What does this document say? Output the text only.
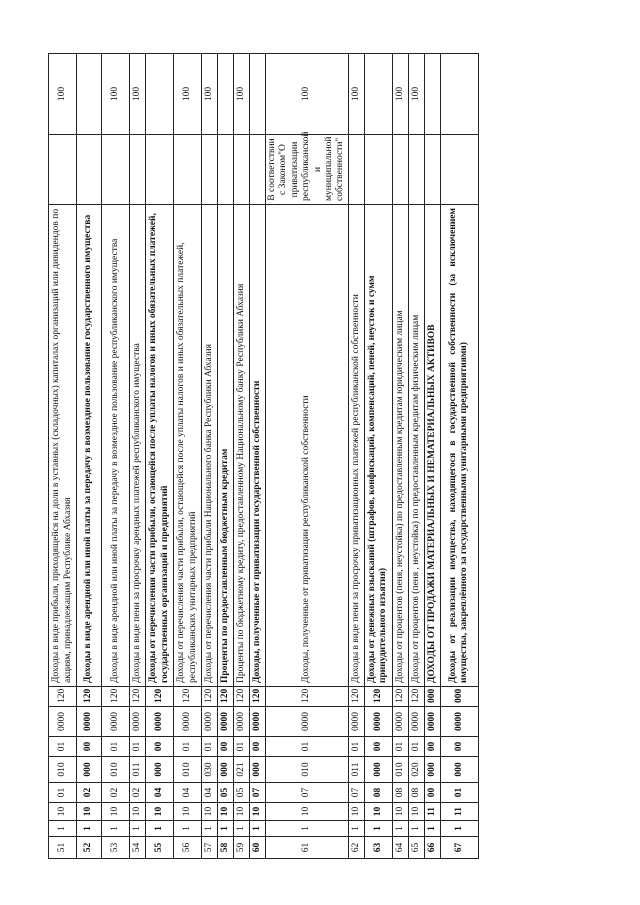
51	1	10	01	010	01	0000	120	Доходы в виде прибыли, приходящейся на доли в уставных (складочных) капиталах организаций или дивидендов по акциям, принадлежащим Республике Абхазия		100
52	1	10	02	000	00	0000	120	Доходы в виде арендной или иной платы за передачу в возмездное пользование государственного имущества		
53	1	10	02	010	01	0000	120	Доходы в виде арендной или иной платы за передачу в возмездное пользование республиканского имущества		100
54	1	10	02	011	01	0000	120	Доходы в виде пени за просрочку арендных платежей республиканского имущества		100
55	1	10	04	000	00	0000	120	Доходы от перечисления части прибыли, остающейся после уплаты налогов и иных обязательных платежей, государственных организаций и предприятий		
56	1	10	04	010	01	0000	120	Доходы от перечисления части прибыли, остающейся после уплаты налогов и иных обязательных платежей, республиканских унитарных предприятий		100
57	1	10	04	030	01	0000	120	Доходы от перечисления части прибыли Национального банка Республики Абхазия		100
58	1	10	05	000	00	0000	120	Проценты по предоставленным бюджетным кредитам		
59	1	10	05	021	01	0000	120	Проценты по бюджетному кредиту, предоставленному Национальному банку Республики Абхазия		100
60	1	10	07	000	00	0000	120	Доходы, полученные от приватизации государственной собственности		
61	1	10	07	010	01	0000	120	Доходы, полученные от приватизации республиканской собственности	В соответствии с Законом"О приватизации республиканской и муниципальной собственности"	100
62	1	10	07	011	01	0000	120	Доходы в виде пени за просрочку приватизационных платежей республиканской собственности		100
63	1	10	08	000	00	0000	120	Доходы от денежных взысканий (штрафов, конфискаций, компенсаций, пеней, неусток и сумм принудительного изъятия)		
64	1	10	08	010	01	0000	120	Доходы от процентов (пеня, неустойка) по предоставленным кредитам юридическим лицам		100
65	1	10	08	020	01	0000	120	Доходы от процентов (пеня , неустойка) по предоставленным кредитам физическим лицам		100
66	1	11	00	000	00	0000	000	ДОХОДЫ ОТ ПРОДАЖИ МАТЕРИАЛЬНЫХ И НЕМАТЕРИАЛЬНЫХ АКТИВОВ		
67	1	11	01	000	00	0000	000	Доходы от реализации имущества, находящегося в государственной собственности (за исключением имущества, закреплённого за государственными унитарными предприятиями)		
